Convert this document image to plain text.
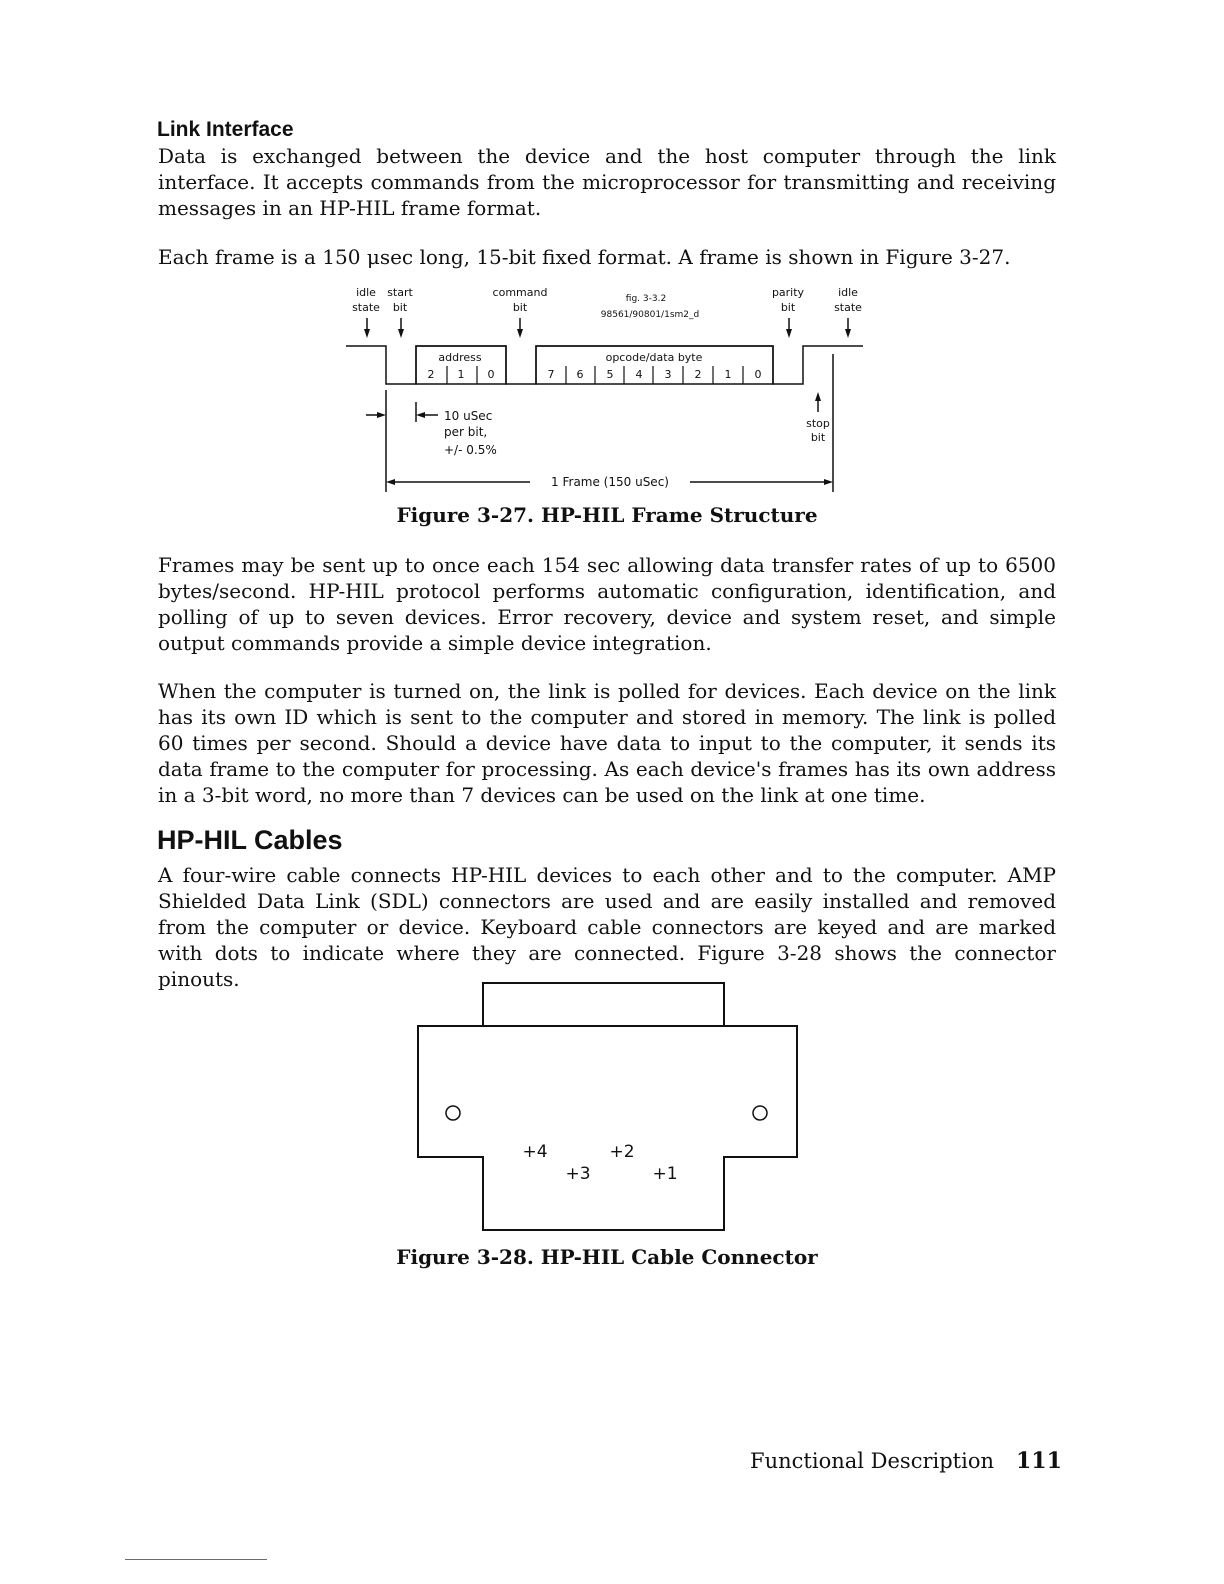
Link Interface
Data is exchanged between the device and the host computer through the link interface. It accepts commands from the microprocessor for transmitting and receiving messages in an HP-HIL frame format.
Each frame is a 150 μsec long, 15-bit fixed format. A frame is shown in Figure 3-27.
idle
state
start
bit
command
bit
fig. 3-3.2
98561/90801/1sm2_d
parity
bit
idle
state
address	opcode/data byte
2 1 0	7 6 5 4 3 2 1 0
10 uSec
per bit,
+/- 0.5%
stop
bit
1 Frame (150 uSec)
Figure 3-27. HP-HIL Frame Structure
Frames may be sent up to once each 154 sec allowing data transfer rates of up to 6500 bytes/second. HP-HIL protocol performs automatic configuration, identification, and polling of up to seven devices. Error recovery, device and system reset, and simple output commands provide a simple device integration.
When the computer is turned on, the link is polled for devices. Each device on the link has its own ID which is sent to the computer and stored in memory. The link is polled 60 times per second. Should a device have data to input to the computer, it sends its data frame to the computer for processing. As each device's frames has its own address in a 3-bit word, no more than 7 devices can be used on the link at one time.
HP-HIL Cables
A four-wire cable connects HP-HIL devices to each other and to the computer. AMP Shielded Data Link (SDL) connectors are used and are easily installed and removed from the computer or device. Keyboard cable connectors are keyed and are marked with dots to indicate where they are connected. Figure 3-28 shows the connector pinouts.
+4	+2
+3	+1
Figure 3-28. HP-HIL Cable Connector
Functional Description 111
